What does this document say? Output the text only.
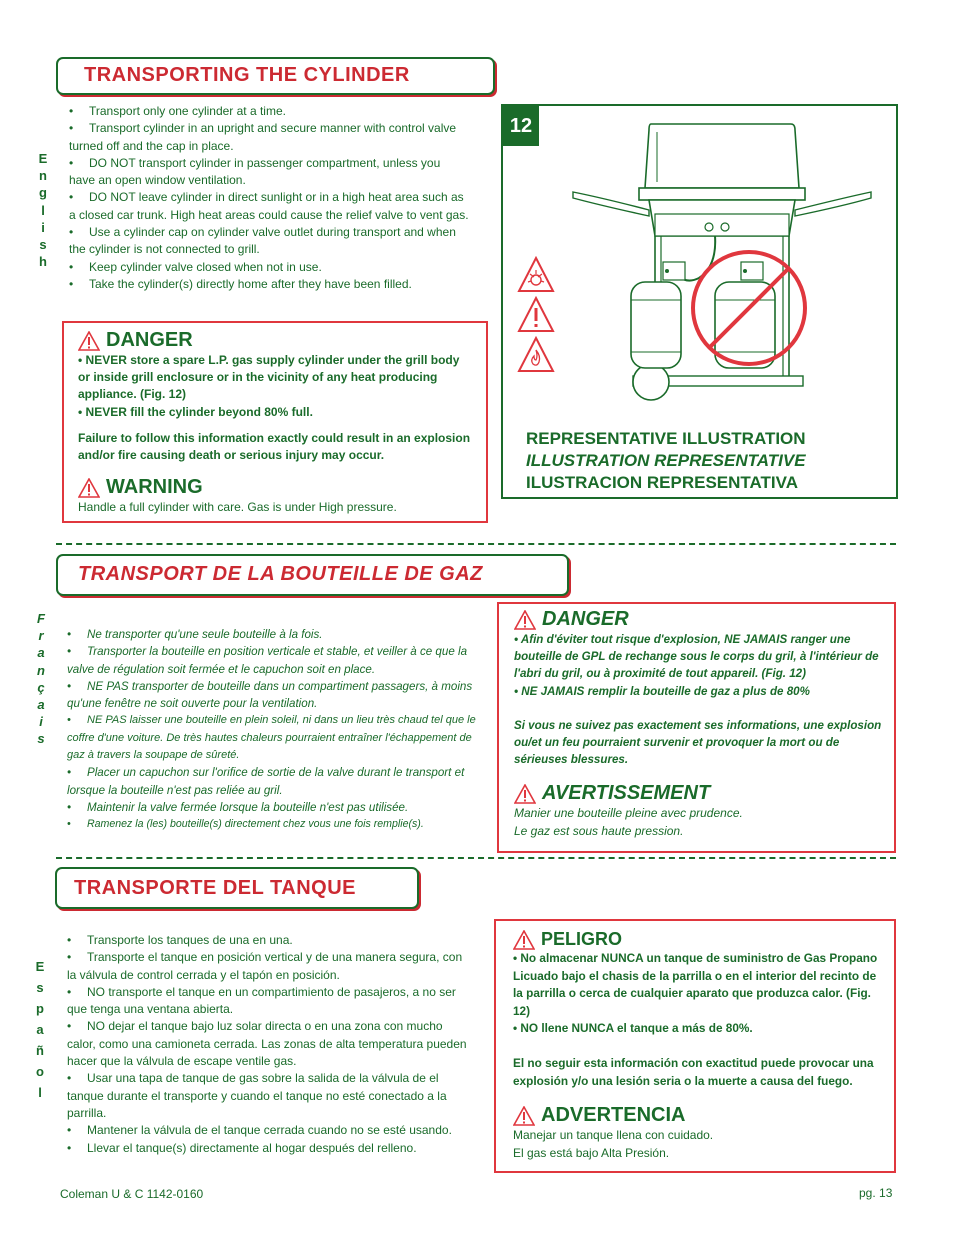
TRANSPORTING THE CYLINDER
E
n
g
l
i
s
h

• Transport only one cylinder at a time.

• Transport cylinder in an upright and secure manner with control valve turned off and the cap in place.

• DO NOT transport cylinder in passenger compartment, unless you have an open window ventilation.

• DO NOT leave cylinder in direct sunlight or in a high heat area such as a closed car trunk. High heat areas could cause the relief valve to vent gas.

• Use a cylinder cap on cylinder valve outlet during transport and when the cylinder is not connected to grill.

• Keep cylinder valve closed when not in use.

• Take the cylinder(s) directly home after they have been filled.

DANGER
• NEVER store a spare L.P. gas supply cylinder under the grill body or inside grill enclosure or in the vicinity of any heat producing appliance. (Fig. 12)
• NEVER fill the cylinder beyond 80% full.
Failure to follow this information exactly could result in an explosion and/or fire causing death or serious injury may occur.
WARNING
Handle a full cylinder with care. Gas is under High pressure.
12
REPRESENTATIVE ILLUSTRATION
ILLUSTRATION REPRESENTATIVE
ILUSTRACION REPRESENTATIVA
TRANSPORT DE LA BOUTEILLE DE GAZ
F
r
a
n
ç
a
i
s

• Ne transporter qu'une seule bouteille à la fois.

• Transporter la bouteille en position verticale et stable, et veiller à ce que la valve de régulation soit fermée et le capuchon soit en place.

• NE PAS transporter de bouteille dans un compartiment passagers, à moins qu'une fenêtre ne soit ouverte pour la ventilation.

• NE PAS laisser une bouteille en plein soleil, ni dans un lieu très chaud tel que le coffre d'une voiture. De très hautes chaleurs pourraient entraîner l'échappement de gaz à travers la soupape de sûreté.

• Placer un capuchon sur l'orifice de sortie de la valve durant le transport et lorsque la bouteille n'est pas reliée au gril.

• Maintenir la valve fermée lorsque la bouteille n'est pas utilisée.

• Ramenez la (les) bouteille(s) directement chez vous une fois remplie(s).

DANGER
• Afin d'éviter tout risque d'explosion, NE JAMAIS ranger une bouteille de GPL de rechange sous le corps du gril, à l'intérieur de l'abri du gril, ou à proximité de tout appareil. (Fig. 12)
• NE JAMAIS remplir la bouteille de gaz a plus de 80%
Si vous ne suivez pas exactement ses informations, une explosion ou/et un feu pourraient survenir et provoquer la mort ou de sérieuses blessures.
AVERTISSEMENT
Manier une bouteille pleine avec prudence.
Le gaz est sous haute pression.
TRANSPORTE DEL TANQUE
E
s
p
a
ñ
o
l

• Transporte los tanques de una en una.

• Transporte el tanque en posición vertical y de una manera segura, con la válvula de control cerrada y el tapón en posición.

• NO transporte el tanque en un compartimiento de pasajeros, a no ser que tenga una ventana abierta.

• NO dejar el tanque bajo luz solar directa o en una zona con mucho calor, como una camioneta cerrada. Las zonas de alta temperatura pueden hacer que la válvula de escape ventile gas.

• Usar una tapa de tanque de gas sobre la salida de la válvula de el tanque durante el transporte y cuando el tanque no esté conectado a la parrilla.

• Mantener la válvula de el tanque cerrada cuando no se esté usando.

• Llevar el tanque(s) directamente al hogar después del relleno.

PELIGRO
• No almacenar NUNCA un tanque de suministro de Gas Propano Licuado bajo el chasis de la parrilla o en el interior del recinto de la parrilla o cerca de cualquier aparato que produzca calor. (Fig. 12)
• NO llene NUNCA el tanque a más de 80%.
El no seguir esta información con exactitud puede provocar una explosión y/o una lesión seria o la muerte a causa del fuego.
ADVERTENCIA
Manejar un tanque llena con cuidado.
El gas está bajo Alta Presión.
Coleman U & C 1142-0160	pg. 13
